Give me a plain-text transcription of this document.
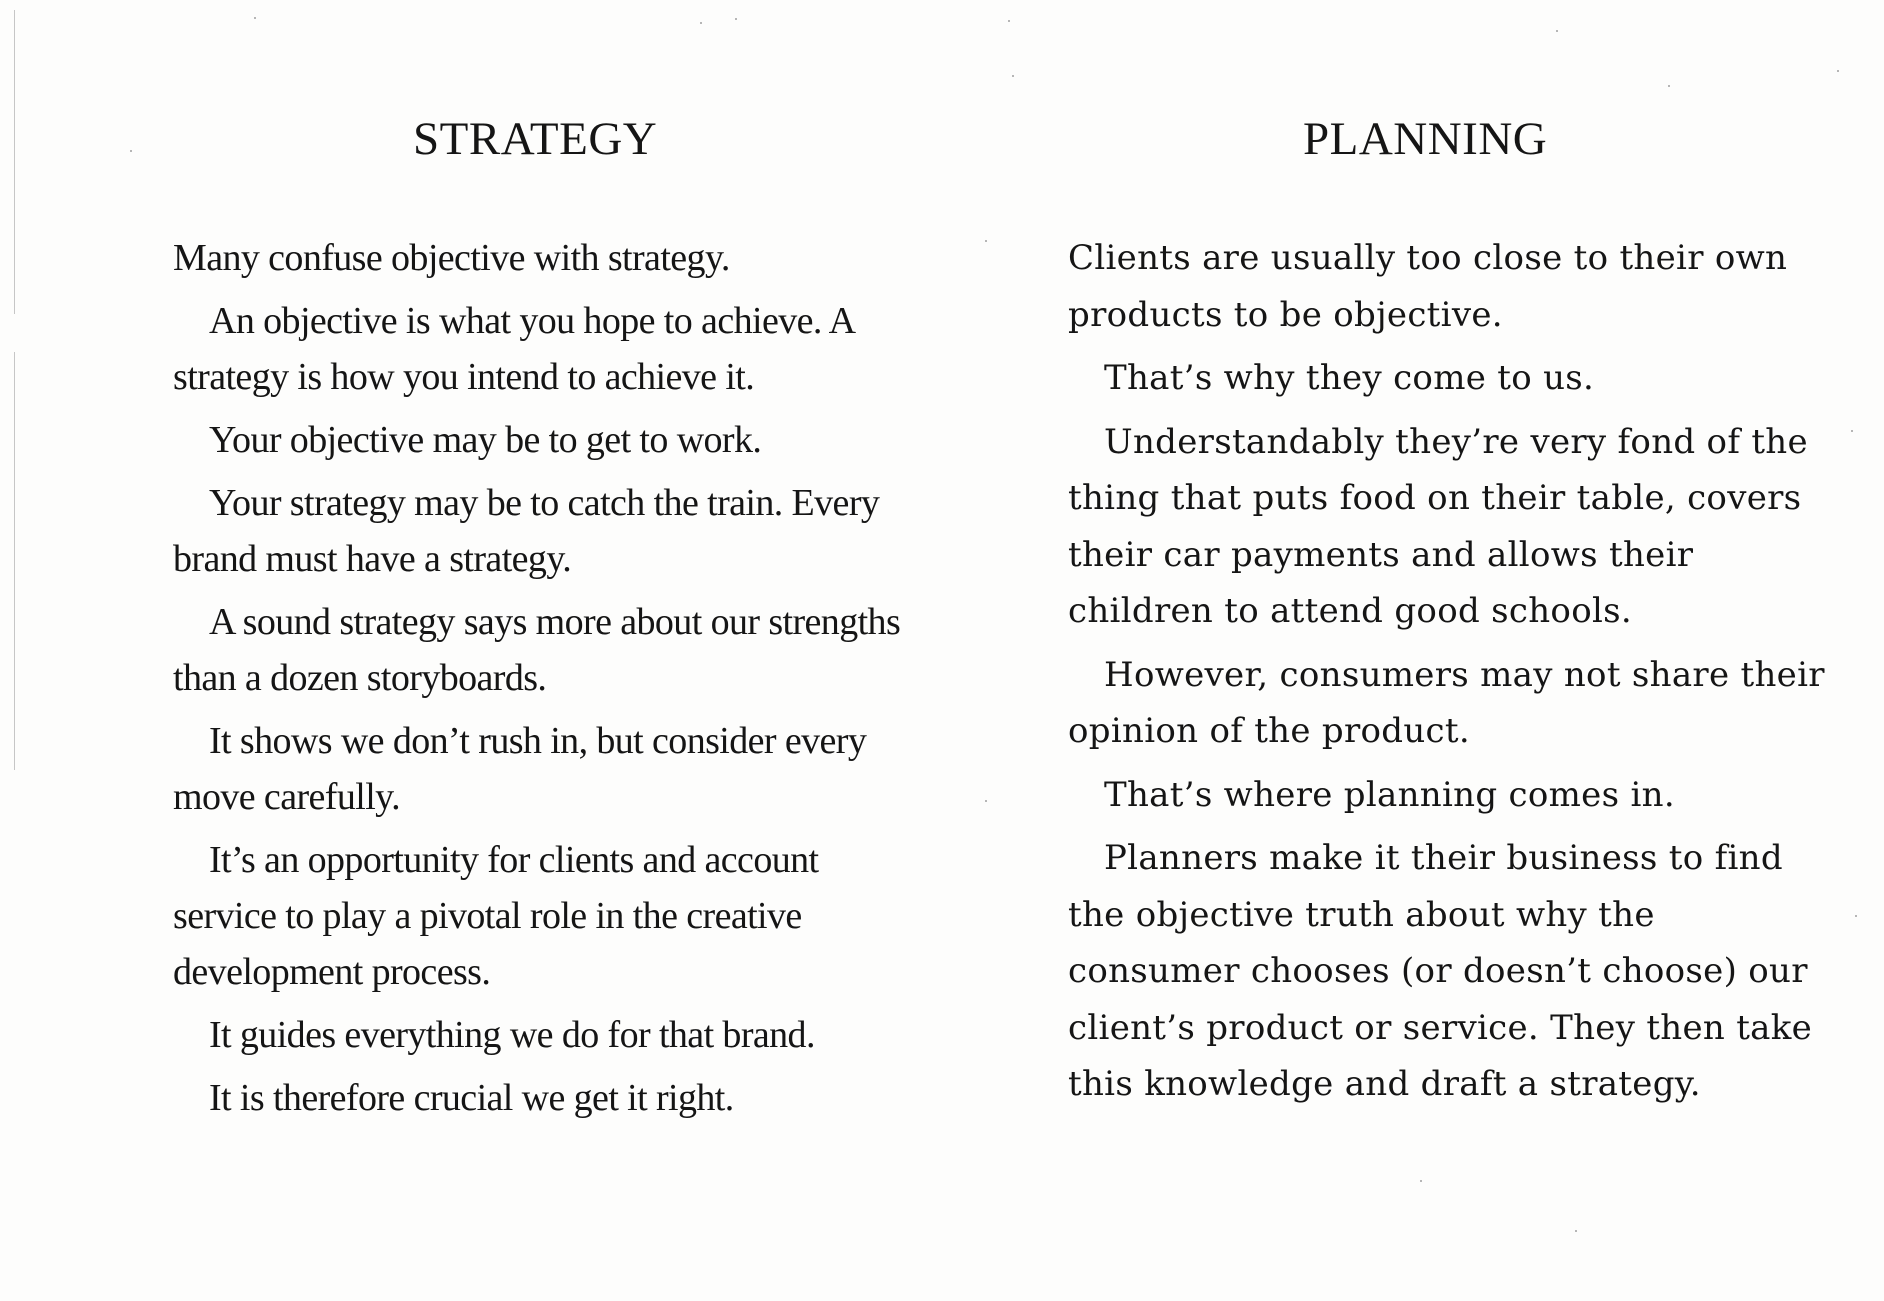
STRATEGY

Many confuse objective with strategy.

An objective is what you hope to achieve. A strategy is how you intend to achieve it.

Your objective may be to get to work.

Your strategy may be to catch the train. Every brand must have a strategy.

A sound strategy says more about our strengths than a dozen storyboards.

It shows we don’t rush in, but consider every move carefully.

It’s an opportunity for clients and account service to play a pivotal role in the creative development process.

It guides everything we do for that brand.

It is therefore crucial we get it right.

PLANNING

Clients are usually too close to their own products to be objective.

That’s why they come to us.

Understandably they’re very fond of the thing that puts food on their table, covers their car payments and allows their children to attend good schools.

However, consumers may not share their opinion of the product.

That’s where planning comes in.

Planners make it their business to find the objective truth about why the consumer chooses (or doesn’t choose) our client’s product or service. They then take this knowledge and draft a strategy.
